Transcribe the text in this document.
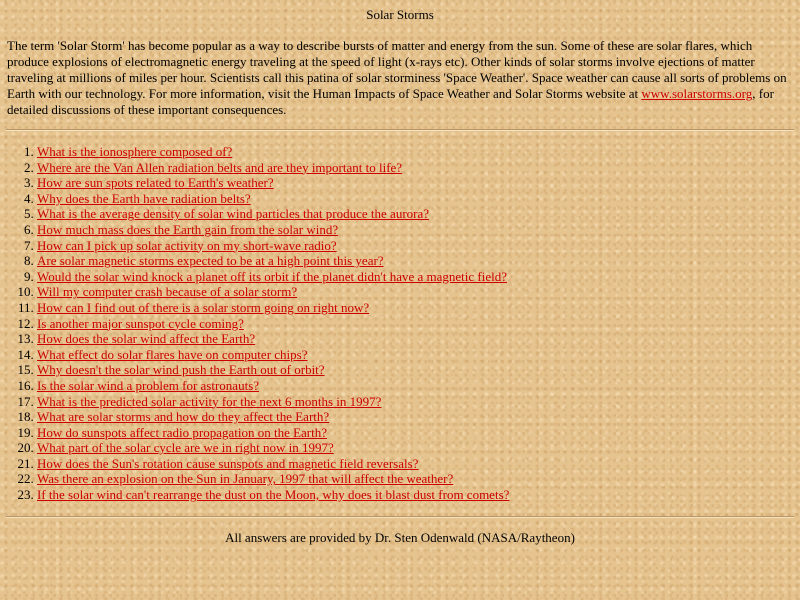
Solar Storms

The term 'Solar Storm' has become popular as a way to describe bursts of matter and energy from the sun. Some of these are solar flares, which produce explosions of electromagnetic energy traveling at the speed of light (x-rays etc). Other kinds of solar storms involve ejections of matter traveling at millions of miles per hour. Scientists call this patina of solar storminess 'Space Weather'. Space weather can cause all sorts of problems on Earth with our technology. For more information, visit the Human Impacts of Space Weather and Solar Storms website at www.solarstorms.org, for detailed discussions of these important consequences.

1. What is the ionosphere composed of?
2. Where are the Van Allen radiation belts and are they important to life?
3. How are sun spots related to Earth's weather?
4. Why does the Earth have radiation belts?
5. What is the average density of solar wind particles that produce the aurora?
6. How much mass does the Earth gain from the solar wind?
7. How can I pick up solar activity on my short-wave radio?
8. Are solar magnetic storms expected to be at a high point this year?
9. Would the solar wind knock a planet off its orbit if the planet didn't have a magnetic field?
10. Will my computer crash because of a solar storm?
11. How can I find out of there is a solar storm going on right now?
12. Is another major sunspot cycle coming?
13. How does the solar wind affect the Earth?
14. What effect do solar flares have on computer chips?
15. Why doesn't the solar wind push the Earth out of orbit?
16. Is the solar wind a problem for astronauts?
17. What is the predicted solar activity for the next 6 months in 1997?
18. What are solar storms and how do they affect the Earth?
19. How do sunspots affect radio propagation on the Earth?
20. What part of the solar cycle are we in right now in 1997?
21. How does the Sun's rotation cause sunspots and magnetic field reversals?
22. Was there an explosion on the Sun in January, 1997 that will affect the weather?
23. If the solar wind can't rearrange the dust on the Moon, why does it blast dust from comets?

All answers are provided by Dr. Sten Odenwald (NASA/Raytheon)
